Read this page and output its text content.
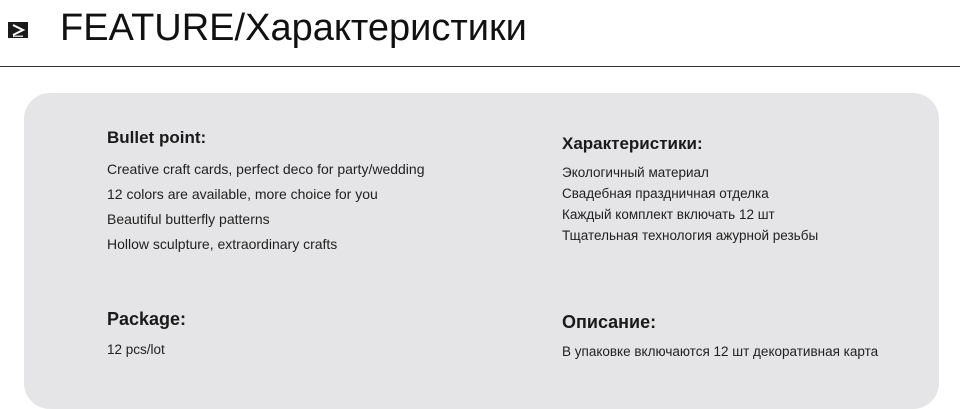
FEATURE/Характеристики
Bullet point:
Creative craft cards, perfect deco for party/wedding
12 colors are available, more choice for you
Beautiful butterfly patterns
Hollow sculpture, extraordinary crafts
Характеристики:
Экологичный материал
Свадебная праздничная отделка
Каждый комплект включать 12 шт
Тщательная технология ажурной резьбы
Package:
12 pcs/lot
Описание:
В упаковке включаются 12 шт декоративная карта
